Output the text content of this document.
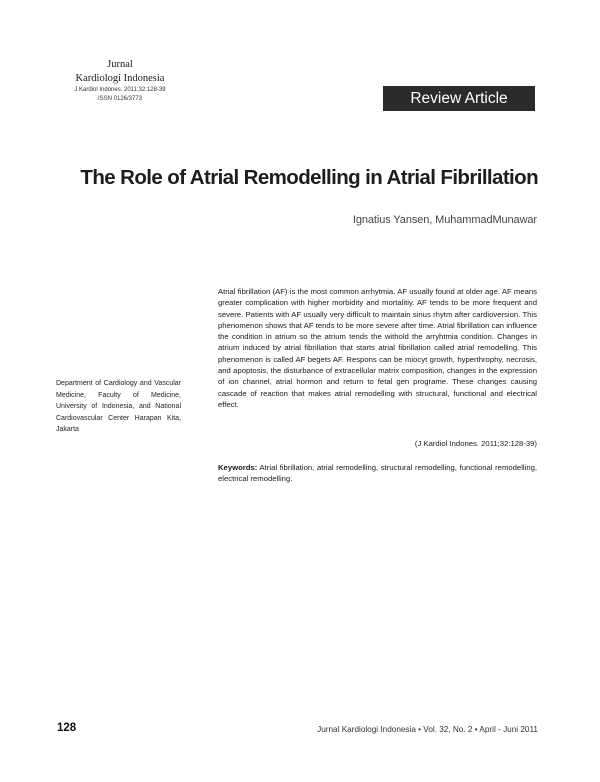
Jurnal
Kardiologi Indonesia
J Kardiol Indones. 2011;32:128-39
ISSN 0126/3773	Review Article
The Role of Atrial Remodelling in Atrial Fibrillation
Ignatius Yansen, MuhammadMunawar
Department of Cardiology and Vascular Medicine, Faculty of Medicine, University of Indonesia, and National Cardiovascular Center Harapan Kita, Jakarta

Atrial fibrillation (AF) is the most common arrhytmia. AF usually found at older age. AF means greater complication with higher morbidity and mortalitiy. AF tends to be more frequent and severe. Patients with AF usually very difficult to maintain sinus rhytm after cardioversion. This phenomenon shows that AF tends to be more severe after time. Atrial fibrillation can influence the condition in atrium so the atrium tends the withold the arryhtmia condition. Changes in atrium induced by atrial fibrillation that starts atrial fibrillation called atrial remodelling. This phenomenon is called AF begets AF. Respons can be miocyt growth, hyperthrophy, necrosis, and apoptosis, the disturbance of extracellular matrix composition, changes in the expression of ion channel, atrial hormon and return to fetal gen programe. These changes causing cascade of reaction that makes atrial remodelling with structural, functional and electrical effect.

(J Kardiol Indones. 2011;32:128-39)
Keywords: Atrial fibrillation, atrial remodelling, structural remodelling, functional remodelling, electrical remodelling.
128	Jurnal Kardiologi Indonesia • Vol. 32, No. 2 • April - Juni 2011
